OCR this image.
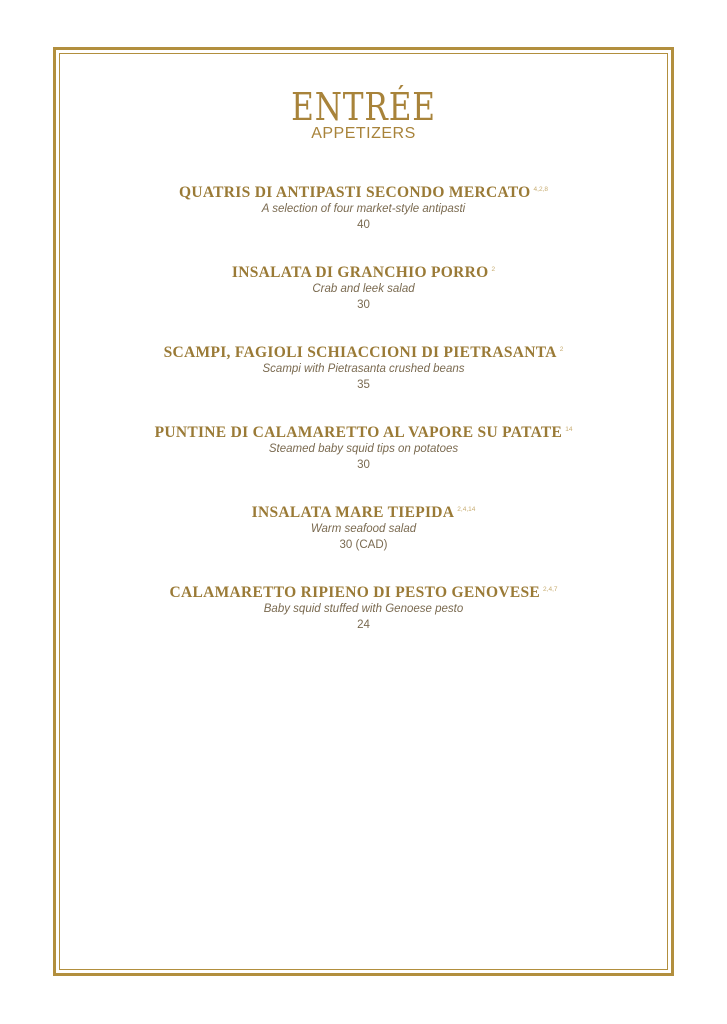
ENTRÉE
APPETIZERS
QUATRIS DI ANTIPASTI SECONDO MERCATO $^{4,2,8}$
A selection of four market-style antipasti
40
INSALATA DI GRANCHIO PORRO $^2$
Crab and leek salad
30
SCAMPI, FAGIOLI SCHIACCIONI DI PIETRASANTA $^2$
Scampi with Pietrasanta crushed beans
35
PUNTINE DI CALAMARETTO AL VAPORE SU PATATE $^{14}$
Steamed baby squid tips on potatoes
30
INSALATA MARE TIEPIDA $^{2,4,14}$
Warm seafood salad
30 (CAD)
CALAMARETTO RIPIENO DI PESTO GENOVESE $^{2,4,7}$
Baby squid stuffed with Genoese pesto
24
